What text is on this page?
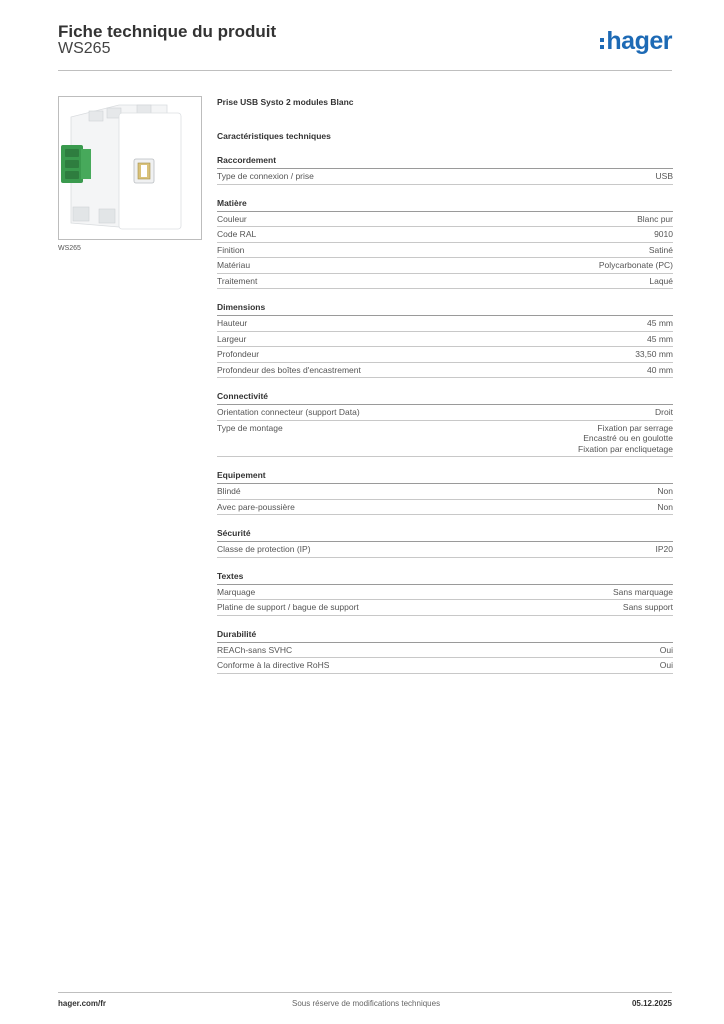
Fiche technique du produit
WS265	hager
WS265
Prise USB Systo 2 modules Blanc
Caractéristiques techniques
Raccordement
Type de connexion / prise	USB
Matière
Couleur	Blanc pur
Code RAL	9010
Finition	Satiné
Matériau	Polycarbonate (PC)
Traitement	Laqué
Dimensions
Hauteur	45 mm
Largeur	45 mm
Profondeur	33,50 mm
Profondeur des boîtes d'encastrement	40 mm
Connectivité
Orientation connecteur (support Data)	Droit
Type de montage	Fixation par serrage
Encastré ou en goulotte
Fixation par encliquetage
Equipement
Blindé	Non
Avec pare-poussière	Non
Sécurité
Classe de protection (IP)	IP20
Textes
Marquage	Sans marquage
Platine de support / bague de support	Sans support
Durabilité
REACh-sans SVHC	Oui
Conforme à la directive RoHS	Oui
hager.com/fr	Sous réserve de modifications techniques	05.12.2025
